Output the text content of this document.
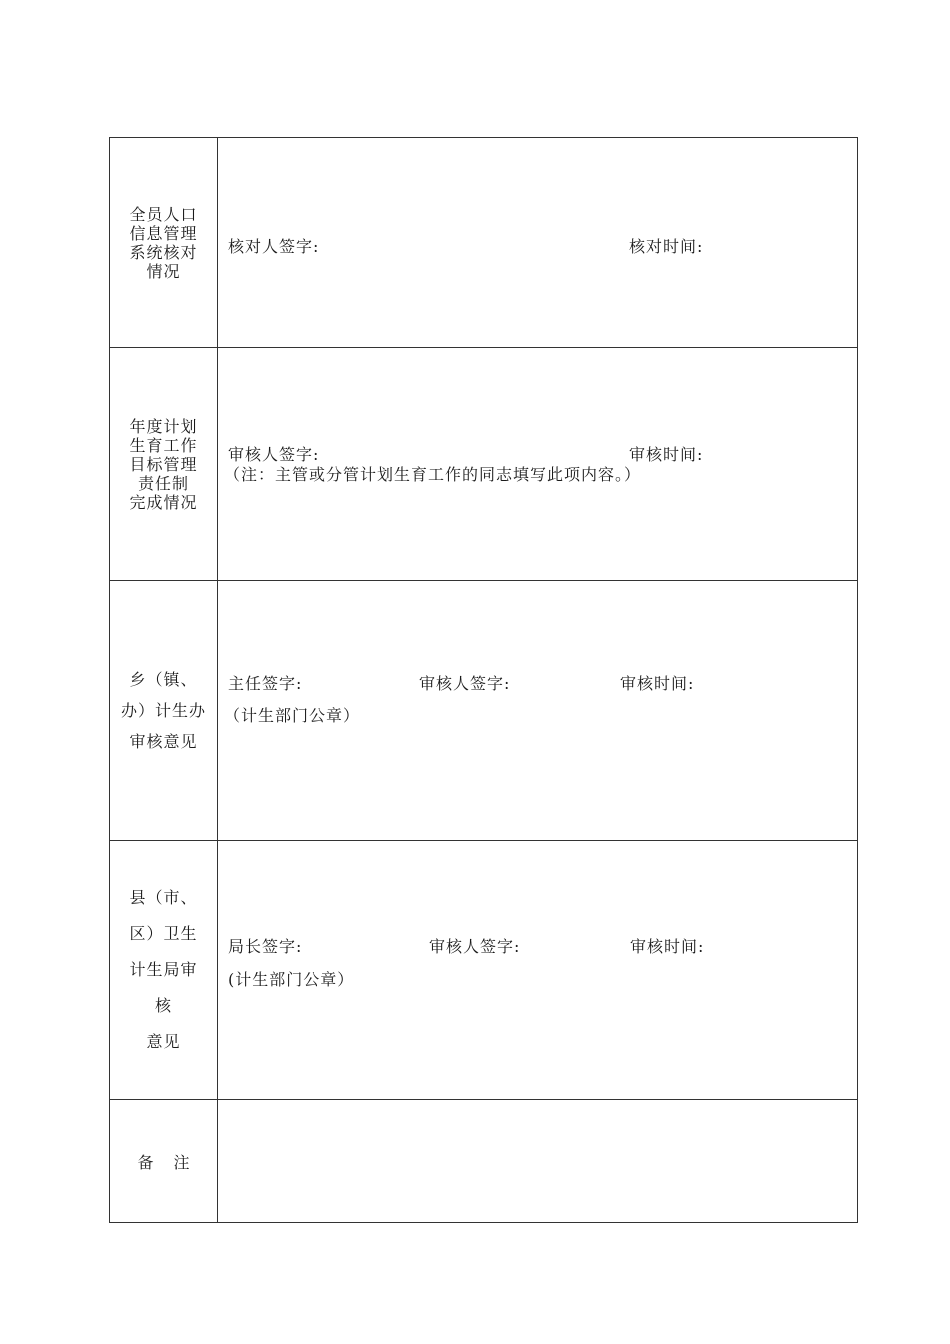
全员人口
信息管理
系统核对
情况	核对人签字: 核对时间:

年度计划
生育工作
目标管理
责任制
完成情况	审核人签字: 审核时间:
（注：主管或分管计划生育工作的同志填写此项内容。）

乡（镇、
办）计生办
审核意见	主任签字: 审核人签字: 审核时间:
（计生部门公章）

县（市、
区）卫生
计生局审
核
意见	局长签字: 审核人签字: 审核时间:
(计生部门公章）

备注	
